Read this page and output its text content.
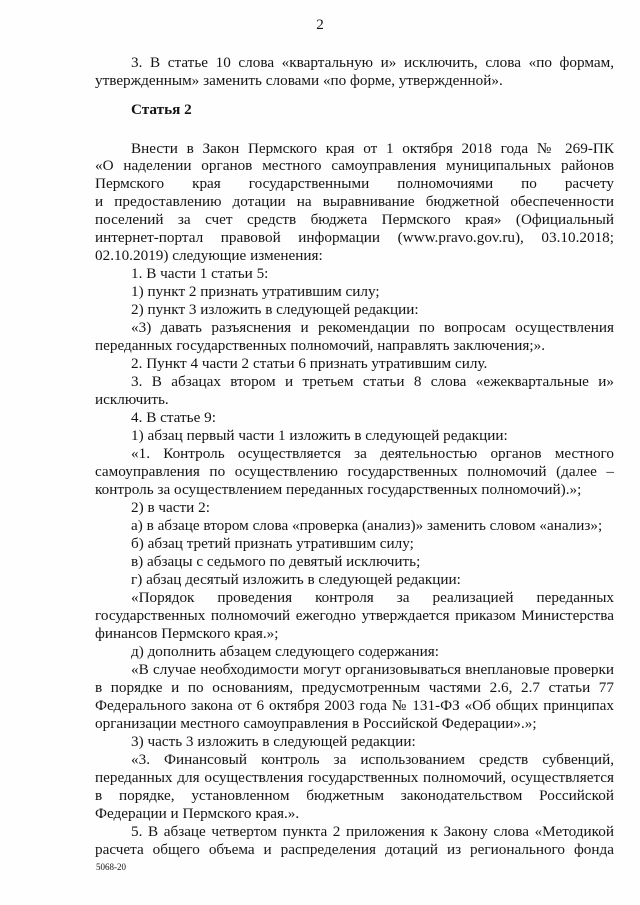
2
3. В статье 10 слова «квартальную и» исключить, слова «по формам,
утвержденным» заменить словами «по форме, утвержденной».
Статья 2
Внести в Закон Пермского края от 1 октября 2018 года № 269-ПК
«О наделении органов местного самоуправления муниципальных районов
Пермского края государственными полномочиями по расчету
и предоставлению дотации на выравнивание бюджетной обеспеченности
поселений за счет средств бюджета Пермского края» (Официальный
интернет-портал правовой информации (www.pravo.gov.ru), 03.10.2018;
02.10.2019) следующие изменения:
1. В части 1 статьи 5:
1) пункт 2 признать утратившим силу;
2) пункт 3 изложить в следующей редакции:
«3) давать разъяснения и рекомендации по вопросам осуществления
переданных государственных полномочий, направлять заключения;».
2. Пункт 4 части 2 статьи 6 признать утратившим силу.
3. В абзацах втором и третьем статьи 8 слова «ежеквартальные и»
исключить.
4. В статье 9:
1) абзац первый части 1 изложить в следующей редакции:
«1. Контроль осуществляется за деятельностью органов местного
самоуправления по осуществлению государственных полномочий (далее –
контроль за осуществлением переданных государственных полномочий).»;
2) в части 2:
а) в абзаце втором слова «проверка (анализ)» заменить словом «анализ»;
б) абзац третий признать утратившим силу;
в) абзацы с седьмого по девятый исключить;
г) абзац десятый изложить в следующей редакции:
«Порядок проведения контроля за реализацией переданных
государственных полномочий ежегодно утверждается приказом Министерства
финансов Пермского края.»;
д) дополнить абзацем следующего содержания:
«В случае необходимости могут организовываться внеплановые проверки
в порядке и по основаниям, предусмотренным частями 2.6, 2.7 статьи 77
Федерального закона от 6 октября 2003 года № 131-ФЗ «Об общих принципах
организации местного самоуправления в Российской Федерации».»;
3) часть 3 изложить в следующей редакции:
«3. Финансовый контроль за использованием средств субвенций,
переданных для осуществления государственных полномочий, осуществляется
в порядке, установленном бюджетным законодательством Российской
Федерации и Пермского края.».
5. В абзаце четвертом пункта 2 приложения к Закону слова «Методикой
расчета общего объема и распределения дотаций из регионального фонда
5068-20
